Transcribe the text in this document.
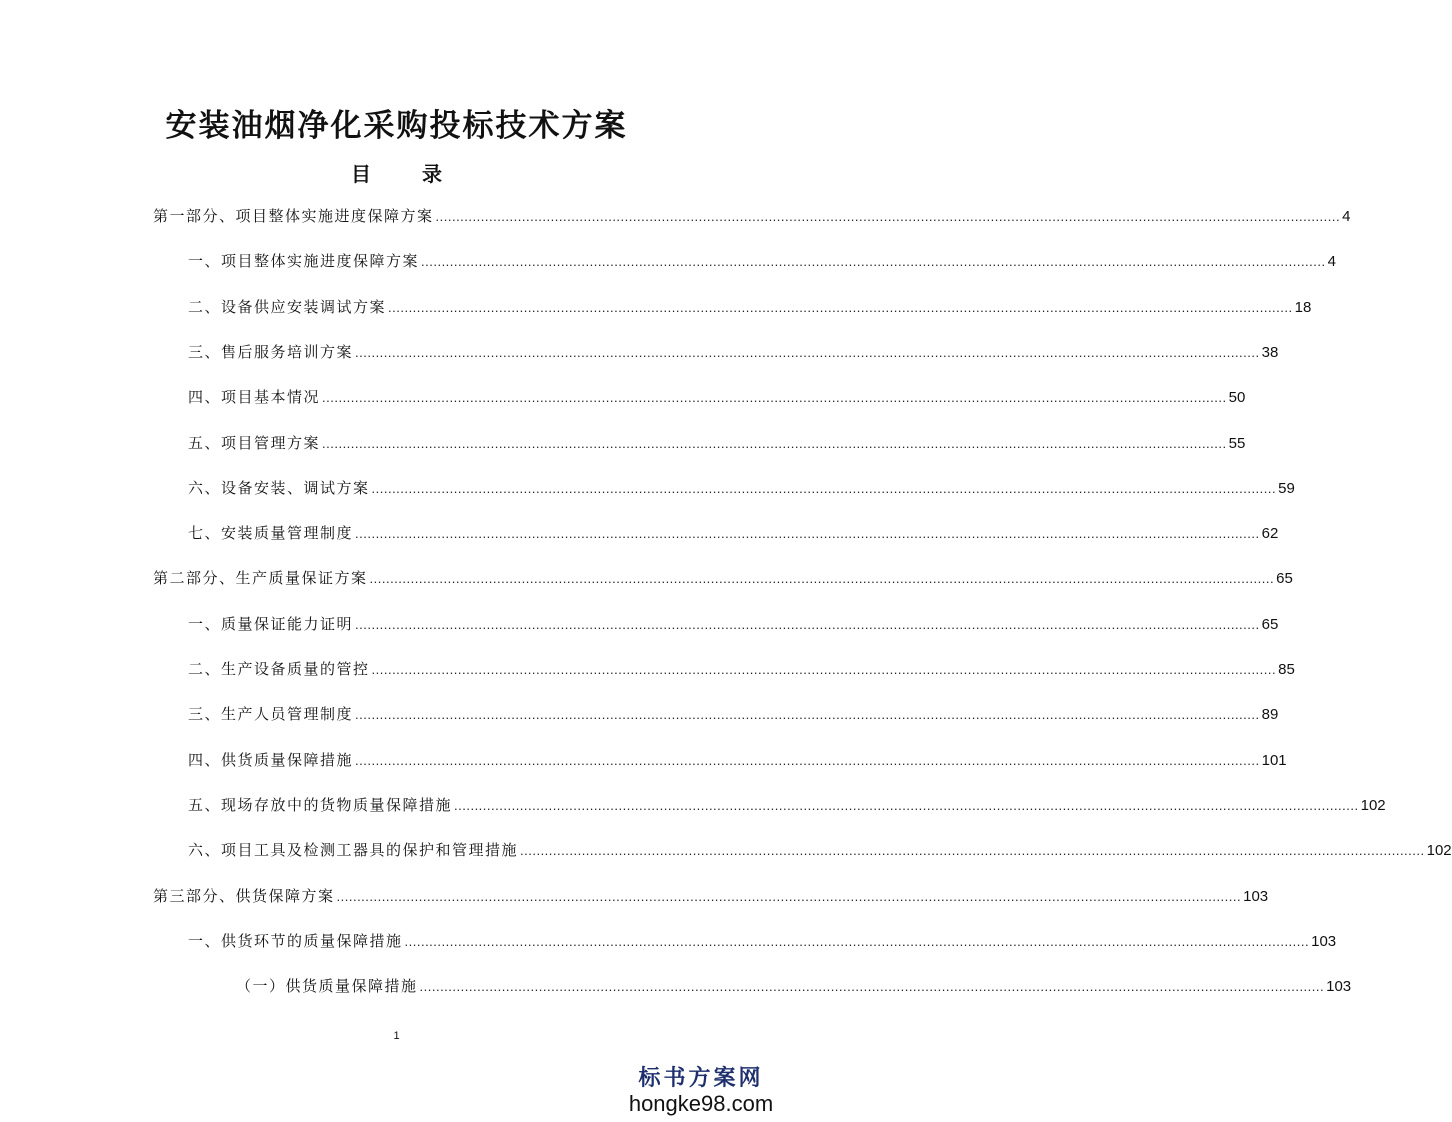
安装油烟净化采购投标技术方案
目 录
第一部分、项目整体实施进度保障方案 ............................................................................................................................................................................................................................ 4
一、项目整体实施进度保障方案 ............................................................................................................................................................................................................................ 4
二、设备供应安装调试方案 ............................................................................................................................................................................................................................ 18
三、售后服务培训方案 ............................................................................................................................................................................................................................ 38
四、项目基本情况 ............................................................................................................................................................................................................................ 50
五、项目管理方案 ............................................................................................................................................................................................................................ 55
六、设备安装、调试方案 ............................................................................................................................................................................................................................ 59
七、安装质量管理制度 ............................................................................................................................................................................................................................ 62
第二部分、生产质量保证方案 ............................................................................................................................................................................................................................ 65
一、质量保证能力证明 ............................................................................................................................................................................................................................ 65
二、生产设备质量的管控 ............................................................................................................................................................................................................................ 85
三、生产人员管理制度 ............................................................................................................................................................................................................................ 89
四、供货质量保障措施 ............................................................................................................................................................................................................................ 101
五、现场存放中的货物质量保障措施 ............................................................................................................................................................................................................................ 102
六、项目工具及检测工器具的保护和管理措施 ............................................................................................................................................................................................................................ 102
第三部分、供货保障方案 ............................................................................................................................................................................................................................ 103
一、供货环节的质量保障措施 ............................................................................................................................................................................................................................ 103
（一）供货质量保障措施 ............................................................................................................................................................................................................................ 103
1
标书方案网
hongke98.com
